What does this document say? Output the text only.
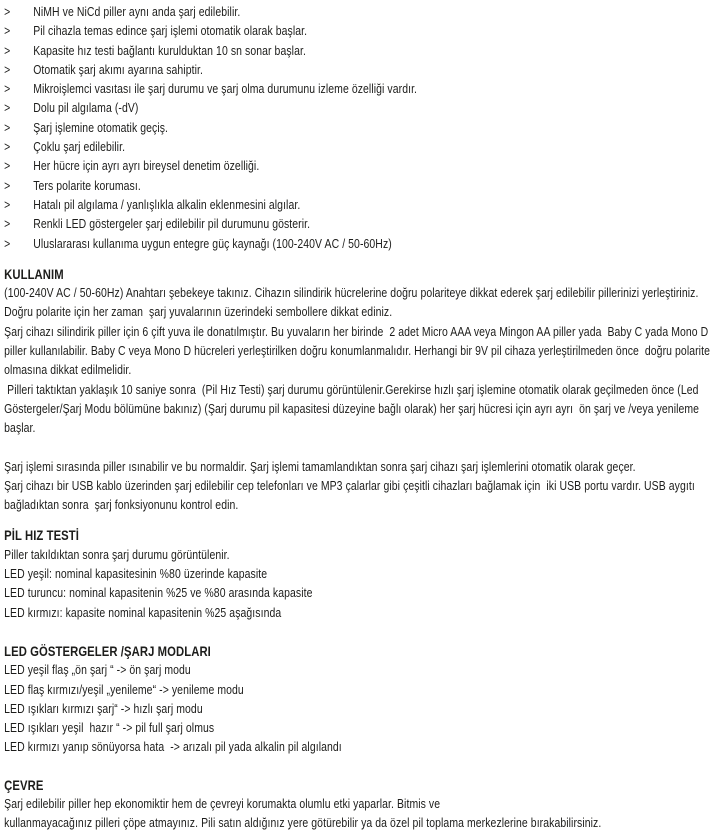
>	NiMH ve NiCd piller aynı anda şarj edilebilir.
>	Pil cihazla temas edince şarj işlemi otomatik olarak başlar.
>	Kapasite hız testi bağlantı kurulduktan 10 sn sonar başlar.
>	Otomatik şarj akımı ayarına sahiptir.
>	Mikroişlemci vasıtası ile şarj durumu ve şarj olma durumunu izleme özelliği vardır.
>	Dolu pil algılama (-dV)
>	Şarj işlemine otomatik geçiş.
>	Çoklu şarj edilebilir.
>	Her hücre için ayrı ayrı bireysel denetim özelliği.
>	Ters polarite koruması.
>	Hatalı pil algılama / yanlışlıkla alkalin eklenmesini algılar.
>	Renkli LED göstergeler şarj edilebilir pil durumunu gösterir.
>	Uluslararası kullanıma uygun entegre güç kaynağı (100-240V AC / 50-60Hz)
KULLANIM
(100-240V AC / 50-60Hz) Anahtarı şebekeye takınız. Cihazın silindirik hücrelerine doğru polariteye dikkat ederek şarj edilebilir pillerinizi yerleştiriniz. Doğru polarite için her zaman  şarj yuvalarının üzerindeki sembollere dikkat ediniz.
Şarj cihazı silindirik piller için 6 çift yuva ile donatılmıştır. Bu yuvaların her birinde  2 adet Micro AAA veya Mingon AA piller yada  Baby C yada Mono D piller kullanılabilir. Baby C veya Mono D hücreleri yerleştirilken doğru konumlanmalıdır. Herhangi bir 9V pil cihaza yerleştirilmeden önce  doğru polarite olmasına dikkat edilmelidir.
Pilleri taktıktan yaklaşık 10 saniye sonra  (Pil Hız Testi) şarj durumu görüntülenir.Gerekirse hızlı şarj işlemine otomatik olarak geçilmeden önce (Led Göstergeler/Şarj Modu bölümüne bakınız) (Şarj durumu pil kapasitesi düzeyine bağlı olarak) her şarj hücresi için ayrı ayrı  ön şarj ve /veya yenileme başlar.
Şarj işlemi sırasında piller ısınabilir ve bu normaldir. Şarj işlemi tamamlandıktan sonra şarj cihazı şarj işlemlerini otomatik olarak geçer.
Şarj cihazı bir USB kablo üzerinden şarj edilebilir cep telefonları ve MP3 çalarlar gibi çeşitli cihazları bağlamak için  iki USB portu vardır. USB aygıtı bağladıktan sonra  şarj fonksiyonunu kontrol edin.
PİL HIZ TESTİ
Piller takıldıktan sonra şarj durumu görüntülenir.
LED yeşil: nominal kapasitesinin %80 üzerinde kapasite
LED turuncu: nominal kapasitenin %25 ve %80 arasında kapasite
LED kırmızı: kapasite nominal kapasitenin %25 aşağısında
LED GÖSTERGELER /ŞARJ MODLARI
LED yeşil flaş „ön şarj “ -> ön şarj modu
LED flaş kırmızı/yeşil „yenileme“ -> yenileme modu
LED ışıkları kırmızı şarj“ -> hızlı şarj modu
LED ışıkları yeşil  hazır “ -> pil full şarj olmus
LED kırmızı yanıp sönüyorsa hata  -> arızalı pil yada alkalin pil algılandı
ÇEVRE
Şarj edilebilir piller hep ekonomiktir hem de çevreyi korumakta olumlu etki yaparlar. Bitmis ve
kullanmayacağınız pilleri çöpe atmayınız. Pili satın aldığınız yere götürebilir ya da özel pil toplama merkezlerine bırakabilirsiniz.
